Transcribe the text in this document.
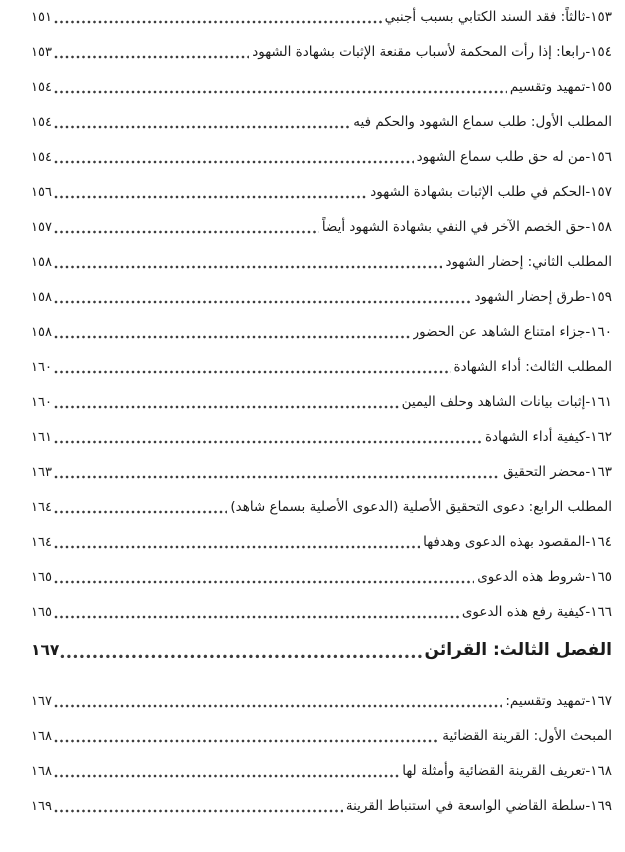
١٥٣-ثالثاً: فقد السند الكتابي بسبب أجنبي
١٥١
١٥٤-رابعا: إذا رأت المحكمة لأسباب مقنعة الإثبات بشهادة الشهود
١٥٣
١٥٥-تمهيد وتقسيم
١٥٤
المطلب الأول: طلب سماع الشهود والحكم فيه
١٥٤
١٥٦-من له حق طلب سماع الشهود
١٥٤
١٥٧-الحكم في طلب الإثبات بشهادة الشهود
١٥٦
١٥٨-حق الخصم الآخر في النفي بشهادة الشهود أيضاً
١٥٧
المطلب الثاني: إحضار الشهود
١٥٨
١٥٩-طرق إحضار الشهود
١٥٨
١٦٠-جزاء امتناع الشاهد عن الحضور
١٥٨
المطلب الثالث: أداء الشهادة
١٦٠
١٦١-إثبات بيانات الشاهد وحلف اليمين
١٦٠
١٦٢-كيفية أداء الشهادة
١٦١
١٦٣-محضر التحقيق
١٦٣
المطلب الرابع: دعوى التحقيق الأصلية (الدعوى الأصلية بسماع شاهد)
١٦٤
١٦٤-المقصود بهذه الدعوى وهدفها
١٦٤
١٦٥-شروط هذه الدعوى
١٦٥
١٦٦-كيفية رفع هذه الدعوى
١٦٥
الفصل الثالث: القرائن
١٦٧
١٦٧-تمهيد وتقسيم:
١٦٧
المبحث الأول: القرينة القضائية
١٦٨
١٦٨-تعريف القرينة القضائية وأمثلة لها
١٦٨
١٦٩-سلطة القاضي الواسعة في استنباط القرينة
١٦٩
